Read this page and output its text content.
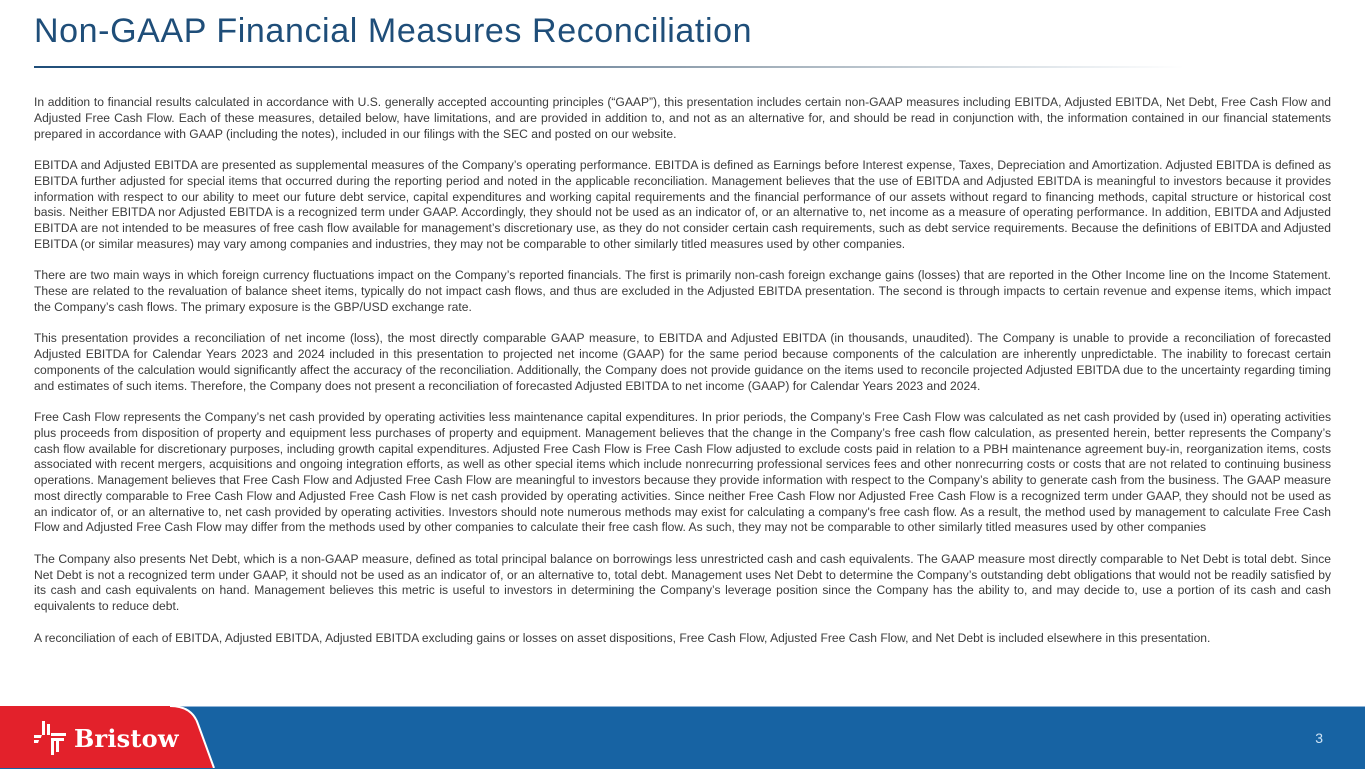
Non-GAAP Financial Measures Reconciliation

In addition to financial results calculated in accordance with U.S. generally accepted accounting principles (“GAAP”), this presentation includes certain non-GAAP measures including EBITDA, Adjusted EBITDA, Net Debt, Free Cash Flow and Adjusted Free Cash Flow. Each of these measures, detailed below, have limitations, and are provided in addition to, and not as an alternative for, and should be read in conjunction with, the information contained in our financial statements prepared in accordance with GAAP (including the notes), included in our filings with the SEC and posted on our website.

EBITDA and Adjusted EBITDA are presented as supplemental measures of the Company’s operating performance. EBITDA is defined as Earnings before Interest expense, Taxes, Depreciation and Amortization. Adjusted EBITDA is defined as EBITDA further adjusted for special items that occurred during the reporting period and noted in the applicable reconciliation. Management believes that the use of EBITDA and Adjusted EBITDA is meaningful to investors because it provides information with respect to our ability to meet our future debt service, capital expenditures and working capital requirements and the financial performance of our assets without regard to financing methods, capital structure or historical cost basis. Neither EBITDA nor Adjusted EBITDA is a recognized term under GAAP. Accordingly, they should not be used as an indicator of, or an alternative to, net income as a measure of operating performance. In addition, EBITDA and Adjusted EBITDA are not intended to be measures of free cash flow available for management’s discretionary use, as they do not consider certain cash requirements, such as debt service requirements. Because the definitions of EBITDA and Adjusted EBITDA (or similar measures) may vary among companies and industries, they may not be comparable to other similarly titled measures used by other companies.

There are two main ways in which foreign currency fluctuations impact on the Company’s reported financials. The first is primarily non-cash foreign exchange gains (losses) that are reported in the Other Income line on the Income Statement. These are related to the revaluation of balance sheet items, typically do not impact cash flows, and thus are excluded in the Adjusted EBITDA presentation. The second is through impacts to certain revenue and expense items, which impact the Company’s cash flows. The primary exposure is the GBP/USD exchange rate.

This presentation provides a reconciliation of net income (loss), the most directly comparable GAAP measure, to EBITDA and Adjusted EBITDA (in thousands, unaudited). The Company is unable to provide a reconciliation of forecasted Adjusted EBITDA for Calendar Years 2023 and 2024 included in this presentation to projected net income (GAAP) for the same period because components of the calculation are inherently unpredictable. The inability to forecast certain components of the calculation would significantly affect the accuracy of the reconciliation. Additionally, the Company does not provide guidance on the items used to reconcile projected Adjusted EBITDA due to the uncertainty regarding timing and estimates of such items. Therefore, the Company does not present a reconciliation of forecasted Adjusted EBITDA to net income (GAAP) for Calendar Years 2023 and 2024.

Free Cash Flow represents the Company’s net cash provided by operating activities less maintenance capital expenditures. In prior periods, the Company’s Free Cash Flow was calculated as net cash provided by (used in) operating activities plus proceeds from disposition of property and equipment less purchases of property and equipment. Management believes that the change in the Company’s free cash flow calculation, as presented herein, better represents the Company’s cash flow available for discretionary purposes, including growth capital expenditures. Adjusted Free Cash Flow is Free Cash Flow adjusted to exclude costs paid in relation to a PBH maintenance agreement buy-in, reorganization items, costs associated with recent mergers, acquisitions and ongoing integration efforts, as well as other special items which include nonrecurring professional services fees and other nonrecurring costs or costs that are not related to continuing business operations. Management believes that Free Cash Flow and Adjusted Free Cash Flow are meaningful to investors because they provide information with respect to the Company’s ability to generate cash from the business. The GAAP measure most directly comparable to Free Cash Flow and Adjusted Free Cash Flow is net cash provided by operating activities. Since neither Free Cash Flow nor Adjusted Free Cash Flow is a recognized term under GAAP, they should not be used as an indicator of, or an alternative to, net cash provided by operating activities. Investors should note numerous methods may exist for calculating a company's free cash flow. As a result, the method used by management to calculate Free Cash Flow and Adjusted Free Cash Flow may differ from the methods used by other companies to calculate their free cash flow. As such, they may not be comparable to other similarly titled measures used by other companies

The Company also presents Net Debt, which is a non-GAAP measure, defined as total principal balance on borrowings less unrestricted cash and cash equivalents. The GAAP measure most directly comparable to Net Debt is total debt. Since Net Debt is not a recognized term under GAAP, it should not be used as an indicator of, or an alternative to, total debt. Management uses Net Debt to determine the Company’s outstanding debt obligations that would not be readily satisfied by its cash and cash equivalents on hand. Management believes this metric is useful to investors in determining the Company’s leverage position since the Company has the ability to, and may decide to, use a portion of its cash and cash equivalents to reduce debt.

A reconciliation of each of EBITDA, Adjusted EBITDA, Adjusted EBITDA excluding gains or losses on asset dispositions, Free Cash Flow, Adjusted Free Cash Flow, and Net Debt is included elsewhere in this presentation.

Bristow	3
